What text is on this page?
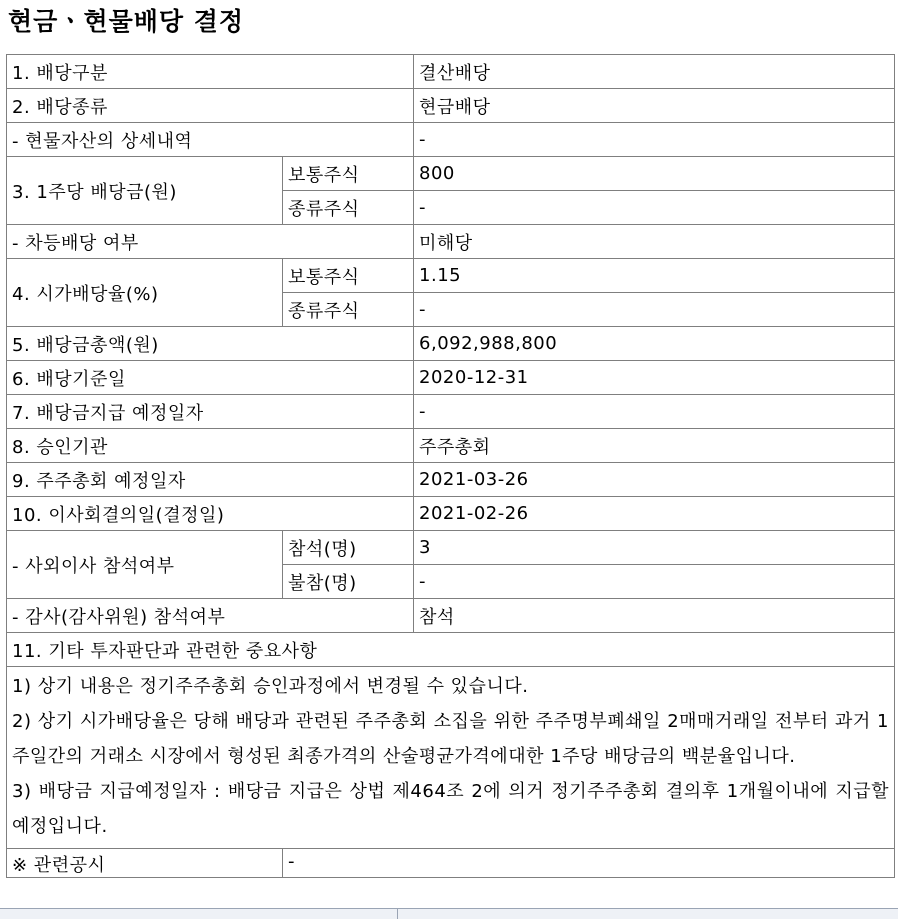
현금ㆍ현물배당 결정
1. 배당구분		결산배당
2. 배당종류		현금배당
- 현물자산의 상세내역		-
3. 1주당 배당금(원)	보통주식	800
	종류주식	-
- 차등배당 여부		미해당
4. 시가배당율(%)	보통주식	1.15
	종류주식	-
5. 배당금총액(원)		6,092,988,800
6. 배당기준일		2020-12-31
7. 배당금지급 예정일자		-
8. 승인기관		주주총회
9. 주주총회 예정일자		2021-03-26
10. 이사회결의일(결정일)		2021-02-26
- 사외이사 참석여부	참석(명)	3
	불참(명)	-
- 감사(감사위원) 참석여부		참석
11. 기타 투자판단과 관련한 중요사항		

1) 상기 내용은 정기주주총회 승인과정에서 변경될 수 있습니다.
2) 상기 시가배당율은 당해 배당과 관련된 주주총회 소집을 위한 주주명부폐쇄일 2매매거래일 전부터 과거 1주일간의 거래소 시장에서 형성된 최종가격의 산술평균가격에대한 1주당 배당금의 백분율입니다.
3) 배당금 지급예정일자 : 배당금 지급은 상법 제464조 2에 의거 정기주주총회 결의후 1개월이내에 지급할 예정입니다.		

※ 관련공시	-	
